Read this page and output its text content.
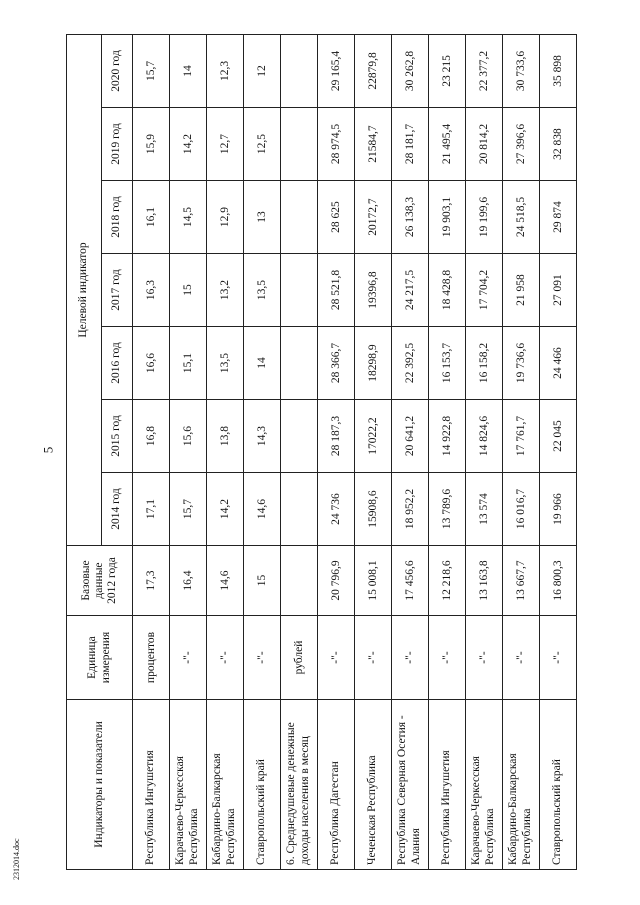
5
2312014.doc
Индикаторы и показатели	Единица измерения	Базовые данные 2012 года	Целевой индикатор						
			2014 год	2015 год	2016 год	2017 год	2018 год	2019 год	2020 год
Республика Ингушетия	процентов	17,3	17,1	16,8	16,6	16,3	16,1	15,9	15,7
Карачаево-Черкесская Республика	-"-	16,4	15,7	15,6	15,1	15	14,5	14,2	14
Кабардино-Балкарская Республика	-"-	14,6	14,2	13,8	13,5	13,2	12,9	12,7	12,3
Ставропольский край	-"-	15	14,6	14,3	14	13,5	13	12,5	12
6. Среднедушевые денежные доходы населения в месяц	рублей								
Республика Дагестан	-"-	20 796,9	24 736	28 187,3	28 366,7	28 521,8	28 625	28 974,5	29 165,4
Чеченская Республика	-"-	15 008,1	15908,6	17022,2	18298,9	19396,8	20172,7	21584,7	22879,8
Республика Северная Осетия - Алания	-"-	17 456,6	18 952,2	20 641,2	22 392,5	24 217,5	26 138,3	28 181,7	30 262,8
Республика Ингушетия	-"-	12 218,6	13 789,6	14 922,8	16 153,7	18 428,8	19 903,1	21 495,4	23 215
Карачаево-Черкесская Республика	-"-	13 163,8	13 574	14 824,6	16 158,2	17 704,2	19 199,6	20 814,2	22 377,2
Кабардино-Балкарская Республика	-"-	13 667,7	16 016,7	17 761,7	19 736,6	21 958	24 518,5	27 396,6	30 733,6
Ставропольский край	-"-	16 800,3	19 966	22 045	24 466	27 091	29 874	32 838	35 898
